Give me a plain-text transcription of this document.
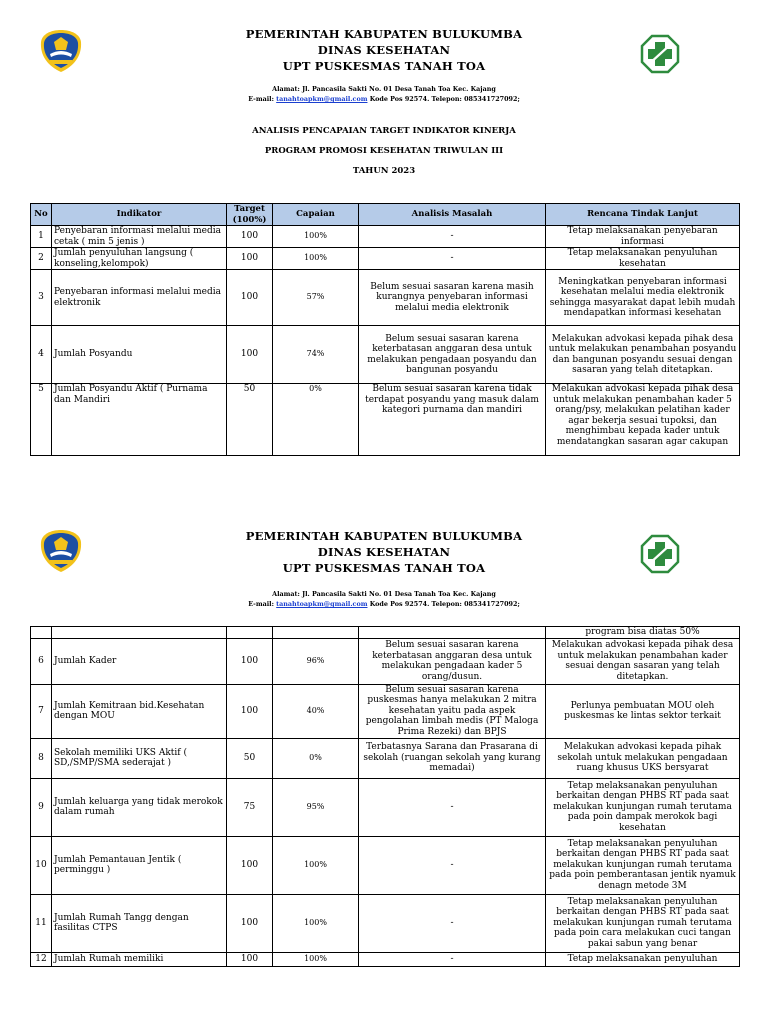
PEMERINTAH KABUPATEN BULUKUMBA
DINAS KESEHATAN
UPT PUSKESMAS TANAH TOA
Alamat: Jl. Pancasila Sakti No. 01 Desa Tanah Toa Kec. Kajang
E-mail: tanahtoapkm@gmail.com Kode Pos 92574. Telepon: 085341727092;
ANALISIS PENCAPAIAN TARGET INDIKATOR KINERJA
PROGRAM PROMOSI KESEHATAN TRIWULAN III
TAHUN 2023
No	Indikator	Target (100%)	Capaian	Analisis Masalah	Rencana Tindak Lanjut
1	Penyebaran informasi melalui media cetak ( min 5 jenis )	100	100%	-	Tetap melaksanakan penyebaran informasi
2	Jumlah penyuluhan langsung ( konseling,kelompok)	100	100%	-	Tetap melaksanakan penyuluhan kesehatan
3	Penyebaran informasi melalui media elektronik	100	57%	Belum sesuai sasaran karena masih kurangnya penyebaran informasi melalui media elektronik	Meningkatkan penyebaran informasi kesehatan melalui media elektronik sehingga masyarakat dapat lebih mudah mendapatkan informasi kesehatan
4	Jumlah Posyandu	100	74%	Belum sesuai sasaran karena keterbatasan anggaran desa untuk melakukan pengadaan posyandu dan bangunan posyandu	Melakukan advokasi kepada pihak desa untuk melakukan penambahan posyandu dan bangunan posyandu sesuai dengan sasaran yang telah ditetapkan.
5	Jumlah Posyandu Aktif ( Purnama dan Mandiri	50	0%	Belum sesuai sasaran karena tidak terdapat posyandu yang masuk dalam kategori purnama dan mandiri	Melakukan advokasi kepada pihak desa untuk melakukan penambahan kader 5 orang/psy, melakukan pelatihan kader agar bekerja sesuai tupoksi, dan menghimbau kepada kader untuk mendatangkan sasaran agar cakupan
PEMERINTAH KABUPATEN BULUKUMBA
DINAS KESEHATAN
UPT PUSKESMAS TANAH TOA
Alamat: Jl. Pancasila Sakti No. 01 Desa Tanah Toa Kec. Kajang
E-mail: tanahtoapkm@gmail.com Kode Pos 92574. Telepon: 085341727092;
					program bisa diatas 50%
6	Jumlah Kader	100	96%	Belum sesuai sasaran karena keterbatasan anggaran desa untuk melakukan pengadaan kader 5 orang/dusun.	Melakukan advokasi kepada pihak desa untuk melakukan penambahan kader sesuai dengan sasaran yang telah ditetapkan.
7	Jumlah Kemitraan bid.Kesehatan dengan MOU	100	40%	Belum sesuai sasaran karena puskesmas hanya melakukan 2 mitra kesehatan yaitu pada aspek pengolahan limbah medis (PT Maloga Prima Rezeki) dan BPJS	Perlunya pembuatan MOU oleh puskesmas ke lintas sektor terkait
8	Sekolah memiliki UKS Aktif ( SD,/SMP/SMA sederajat )	50	0%	Terbatasnya Sarana dan Prasarana di sekolah (ruangan sekolah yang kurang memadai)	Melakukan advokasi kepada pihak sekolah untuk melakukan pengadaan ruang khusus UKS bersyarat
9	Jumlah keluarga yang tidak merokok dalam rumah	75	95%	-	Tetap melaksanakan penyuluhan berkaitan dengan PHBS RT pada saat melakukan kunjungan rumah terutama pada poin dampak merokok bagi kesehatan
10	Jumlah Pemantauan Jentik ( perminggu )	100	100%	-	Tetap melaksanakan penyuluhan berkaitan dengan PHBS RT pada saat melakukan kunjungan rumah terutama pada poin pemberantasan jentik nyamuk denagn metode 3M
11	Jumlah Rumah Tangg dengan fasilitas CTPS	100	100%	-	Tetap melaksanakan penyuluhan berkaitan dengan PHBS RT pada saat melakukan kunjungan rumah terutama pada poin cara melakukan cuci tangan pakai sabun yang benar
12	Jumlah Rumah memiliki	100	100%	-	Tetap melaksanakan penyuluhan
